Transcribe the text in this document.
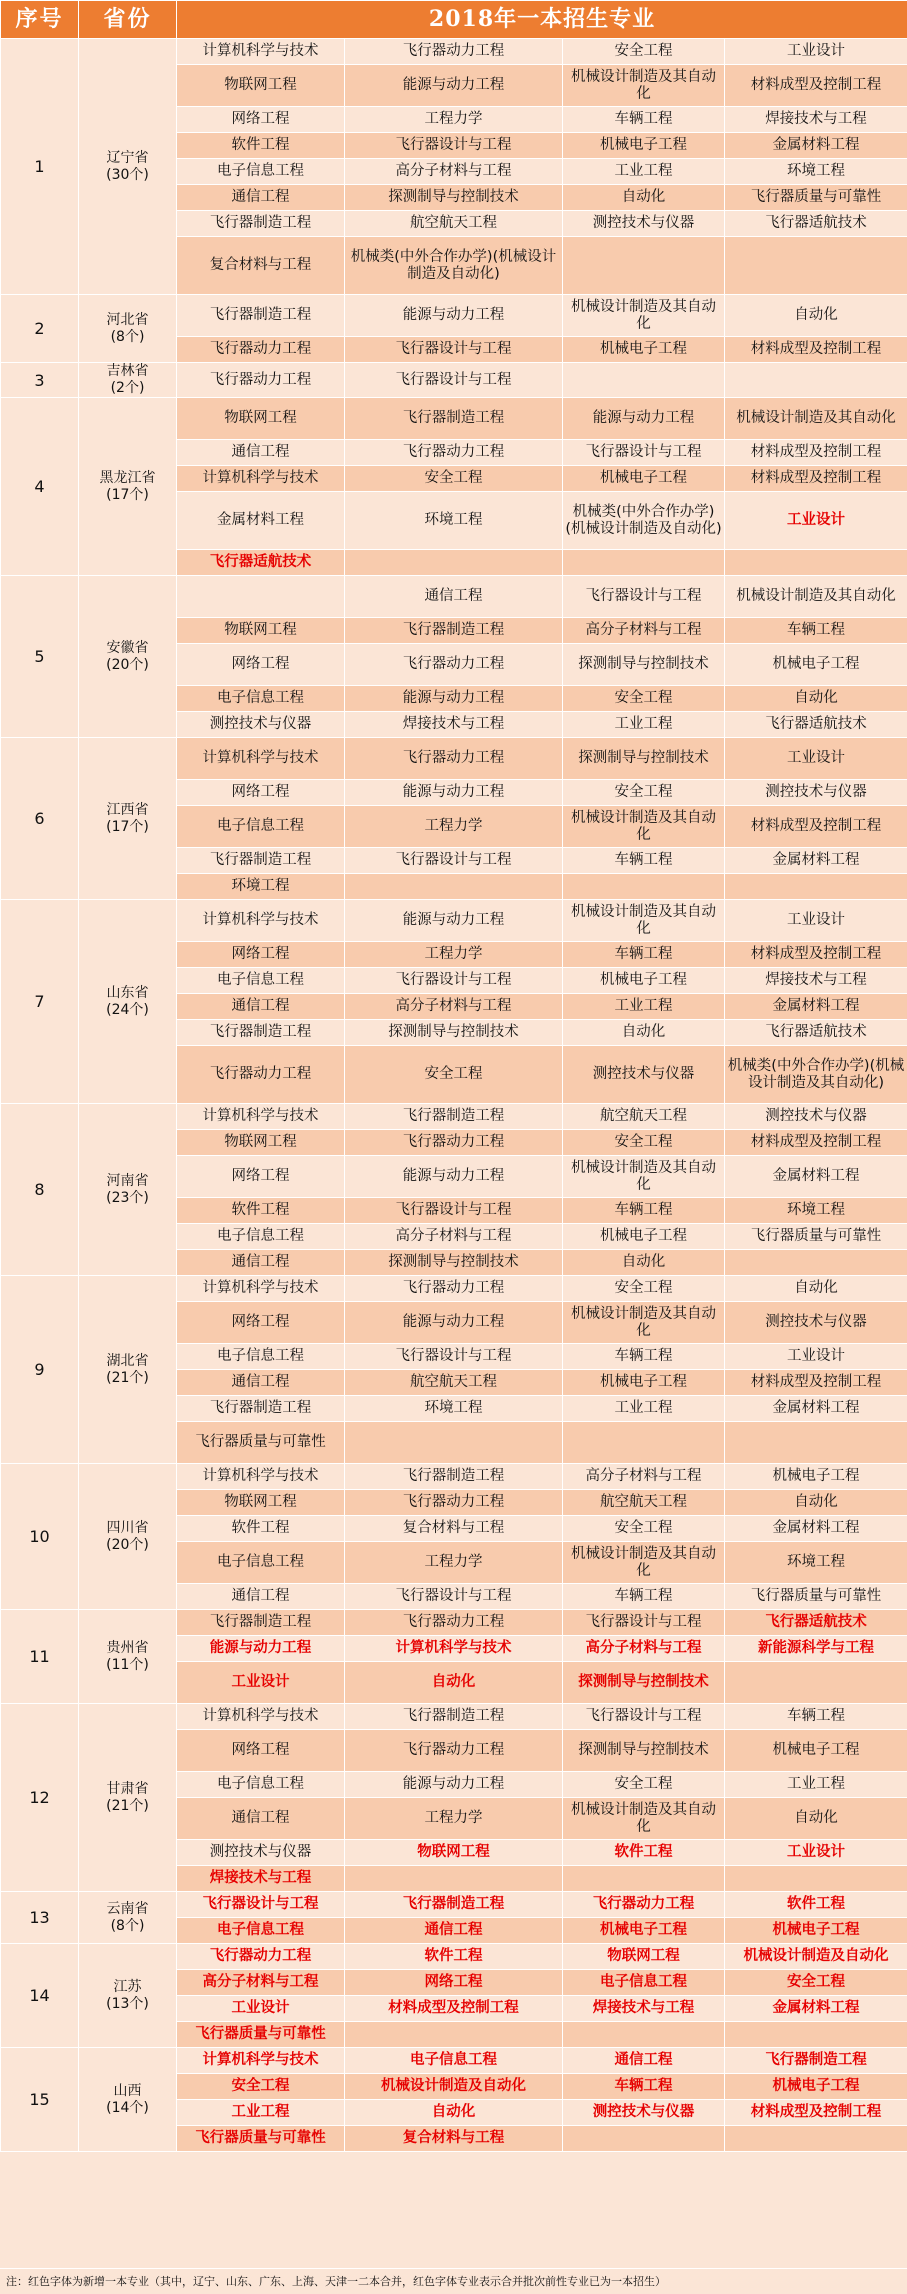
序号	省份	2018年一本招生专业			
1	辽宁省
(30个)	计算机科学与技术	飞行器动力工程	安全工程	工业设计
		物联网工程	能源与动力工程	机械设计制造及其自动化	材料成型及控制工程
		网络工程	工程力学	车辆工程	焊接技术与工程
		软件工程	飞行器设计与工程	机械电子工程	金属材料工程
		电子信息工程	高分子材料与工程	工业工程	环境工程
		通信工程	探测制导与控制技术	自动化	飞行器质量与可靠性
		飞行器制造工程	航空航天工程	测控技术与仪器	飞行器适航技术
		复合材料与工程	机械类(中外合作办学)(机械设计制造及自动化)		
2	河北省
(8个)	飞行器制造工程	能源与动力工程	机械设计制造及其自动化	自动化
		飞行器动力工程	飞行器设计与工程	机械电子工程	材料成型及控制工程
3	吉林省
(2个)	飞行器动力工程	飞行器设计与工程		
4	黑龙江省
(17个)	物联网工程	飞行器制造工程	能源与动力工程	机械设计制造及其自动化
		通信工程	飞行器动力工程	飞行器设计与工程	材料成型及控制工程
		计算机科学与技术	安全工程	机械电子工程	材料成型及控制工程
		金属材料工程	环境工程	机械类(中外合作办学)(机械设计制造及自动化)	工业设计
		飞行器适航技术			
5	安徽省
(20个)		通信工程	飞行器设计与工程	机械设计制造及其自动化
		物联网工程	飞行器制造工程	高分子材料与工程	车辆工程
		网络工程	飞行器动力工程	探测制导与控制技术	机械电子工程
		电子信息工程	能源与动力工程	安全工程	自动化
		测控技术与仪器	焊接技术与工程	工业工程	飞行器适航技术
6	江西省
(17个)	计算机科学与技术	飞行器动力工程	探测制导与控制技术	工业设计
		网络工程	能源与动力工程	安全工程	测控技术与仪器
		电子信息工程	工程力学	机械设计制造及其自动化	材料成型及控制工程
		飞行器制造工程	飞行器设计与工程	车辆工程	金属材料工程
		环境工程			
7	山东省
(24个)	计算机科学与技术	能源与动力工程	机械设计制造及其自动化	工业设计
		网络工程	工程力学	车辆工程	材料成型及控制工程
		电子信息工程	飞行器设计与工程	机械电子工程	焊接技术与工程
		通信工程	高分子材料与工程	工业工程	金属材料工程
		飞行器制造工程	探测制导与控制技术	自动化	飞行器适航技术
		飞行器动力工程	安全工程	测控技术与仪器	机械类(中外合作办学)(机械设计制造及其自动化)
8	河南省
(23个)	计算机科学与技术	飞行器制造工程	航空航天工程	测控技术与仪器
		物联网工程	飞行器动力工程	安全工程	材料成型及控制工程
		网络工程	能源与动力工程	机械设计制造及其自动化	金属材料工程
		软件工程	飞行器设计与工程	车辆工程	环境工程
		电子信息工程	高分子材料与工程	机械电子工程	飞行器质量与可靠性
		通信工程	探测制导与控制技术	自动化	
9	湖北省
(21个)	计算机科学与技术	飞行器动力工程	安全工程	自动化
		网络工程	能源与动力工程	机械设计制造及其自动化	测控技术与仪器
		电子信息工程	飞行器设计与工程	车辆工程	工业设计
		通信工程	航空航天工程	机械电子工程	材料成型及控制工程
		飞行器制造工程	环境工程	工业工程	金属材料工程
		飞行器质量与可靠性			
10	四川省
(20个)	计算机科学与技术	飞行器制造工程	高分子材料与工程	机械电子工程
		物联网工程	飞行器动力工程	航空航天工程	自动化
		软件工程	复合材料与工程	安全工程	金属材料工程
		电子信息工程	工程力学	机械设计制造及其自动化	环境工程
		通信工程	飞行器设计与工程	车辆工程	飞行器质量与可靠性
11	贵州省
(11个)	飞行器制造工程	飞行器动力工程	飞行器设计与工程	飞行器适航技术
		能源与动力工程	计算机科学与技术	高分子材料与工程	新能源科学与工程
		工业设计	自动化	探测制导与控制技术	
12	甘肃省
(21个)	计算机科学与技术	飞行器制造工程	飞行器设计与工程	车辆工程
		网络工程	飞行器动力工程	探测制导与控制技术	机械电子工程
		电子信息工程	能源与动力工程	安全工程	工业工程
		通信工程	工程力学	机械设计制造及其自动化	自动化
		测控技术与仪器	物联网工程	软件工程	工业设计
		焊接技术与工程			
13	云南省
(8个)	飞行器设计与工程	飞行器制造工程	飞行器动力工程	软件工程
		电子信息工程	通信工程	机械电子工程	机械电子工程
14	江苏
(13个)	飞行器动力工程	软件工程	物联网工程	机械设计制造及自动化
		高分子材料与工程	网络工程	电子信息工程	安全工程
		工业设计	材料成型及控制工程	焊接技术与工程	金属材料工程
		飞行器质量与可靠性			
15	山西
(14个)	计算机科学与技术	电子信息工程	通信工程	飞行器制造工程
		安全工程	机械设计制造及自动化	车辆工程	机械电子工程
		工业工程	自动化	测控技术与仪器	材料成型及控制工程
		飞行器质量与可靠性	复合材料与工程		
注：红色字体为新增一本专业（其中，辽宁、山东、广东、上海、天津一二本合并，红色字体专业表示合并批次前性专业已为一本招生）
